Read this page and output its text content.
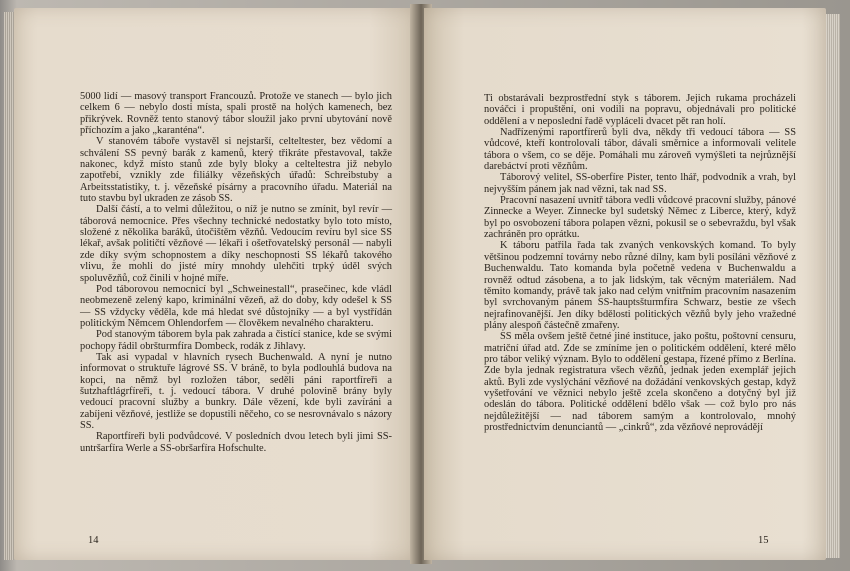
5000 lidí — masový transport Francouzů. Protože ve stanech — bylo jich celkem 6 — nebylo dosti místa, spali prostě na holých kamenech, bez přikrývek. Rovněž tento stanový tábor sloužil jako první ubytování nově příchozím a jako „karanténa“.

V stanovém táboře vystavěl si nejstarší, celteltester, bez vědomí a schválení SS pevný barák z kamenů, který třikráte přestavoval, takže nakonec, když místo stanů zde byly bloky a celteltestra již nebylo zapotřebí, vznikly zde filiálky vězeňských úřadů: Schreibstuby a Arbeitsstatistiky, t. j. vězeňské písárny a pracovního úřadu. Materiál na tuto stavbu byl ukraden ze zásob SS.

Další částí, a to velmi důležitou, o níž je nutno se zmínit, byl revír — táborová nemocnice. Přes všechny technické nedostatky bylo toto místo, složené z několika baráků, útočištěm vězňů. Vedoucím revíru byl sice SS lékař, avšak političtí vězňové — lékaři i ošetřovatelský personál — nabyli zde díky svým schopnostem a díky neschopnosti SS lékařů takového vlivu, že mohli do jisté míry mnohdy ulehčiti trpký úděl svých spoluvězňů, což činili v hojné míře.

Pod táborovou nemocnicí byl „Schweinestall“, prasečinec, kde vládl neobmezeně zelený kapo, kriminální vězeň, až do doby, kdy odešel k SS — SS vždycky věděla, kde má hledat své důstojníky — a byl vystřídán politickým Němcem Ohlendorfem — člověkem nevalného charakteru.

Pod stanovým táborem byla pak zahrada a čistící stanice, kde se svými pochopy řádil obršturmfíra Dombeck, rodák z Jihlavy.

Tak asi vypadal v hlavních rysech Buchenwald. A nyní je nutno informovat o struktuře lágrové SS. V bráně, to byla podlouhlá budova na kopci, na němž byl rozložen tábor, seděli páni raportfíreři a šutzhaftlágrfíreři, t. j. vedoucí tábora. V druhé polovině brány byly vedoucí pracovní služby a bunkry. Dále vězení, kde byli zavíráni a zabíjeni vězňové, jestliže se dopustili něčeho, co se nesrovnávalo s názory SS.

Raportfíreři byli podvůdcové. V posledních dvou letech byli jimi SS-untršarfíra Werle a SS-obršarfíra Hofschulte.

14

Ti obstarávali bezprostřední styk s táborem. Jejich rukama procházeli nováčci i propuštění, oni vodili na popravu, objednávali pro politické oddělení a v neposlední řadě vypláceli dvacet pět ran holí.

Nadřízenými raportfírerů byli dva, někdy tři vedoucí tábora — SS vůdcové, kteří kontrolovali tábor, dávali směrnice a informovali velitele tábora o všem, co se děje. Pomáhali mu zároveň vymýšleti ta nejrůznější darebáctví proti vězňům.

Táborový velitel, SS-oberfíre Pister, tento lhář, podvodník a vrah, byl nejvyšším pánem jak nad vězni, tak nad SS.

Pracovní nasazení uvnitř tábora vedli vůdcové pracovní služby, pánové Zinnecke a Weyer. Zinnecke byl sudetský Němec z Liberce, který, když byl po osvobození tábora polapen vězni, pokusil se o sebevraždu, byl však zachráněn pro oprátku.

K táboru patřila řada tak zvaných venkovských komand. To byly většinou podzemní továrny nebo různé dílny, kam byli posíláni vězňové z Buchenwaldu. Tato komanda byla početně vedena v Buchenwaldu a rovněž odtud zásobena, a to jak lidským, tak věcným materiálem. Nad těmito komandy, právě tak jako nad celým vnitřním pracovním nasazením byl svrchovaným pánem SS-hauptsšturmfíra Schwarz, bestie ze všech nejrafinovanější. Jen díky bdělosti politických vězňů byly jeho vražedné plány alespoň částečně zmařeny.

SS měla ovšem ještě četné jiné instituce, jako poštu, poštovní censuru, matriční úřad atd. Zde se zmíníme jen o politickém oddělení, které mělo pro tábor veliký význam. Bylo to oddělení gestapa, řízené přímo z Berlína. Zde byla jednak registratura všech vězňů, jednak jeden exemplář jejich aktů. Byli zde vyslýchání vězňové na dožádání venkovských gestap, když vyšetřování ve věznici nebylo ještě zcela skončeno a dotyčný byl již odeslán do tábora. Politické oddělení bdělo však — což bylo pro nás nejdůležitější — nad táborem samým a kontrolovalo, mnohý prostřednictvím denunciantů — „cinkrů“, zda vězňové neprovádějí

15
